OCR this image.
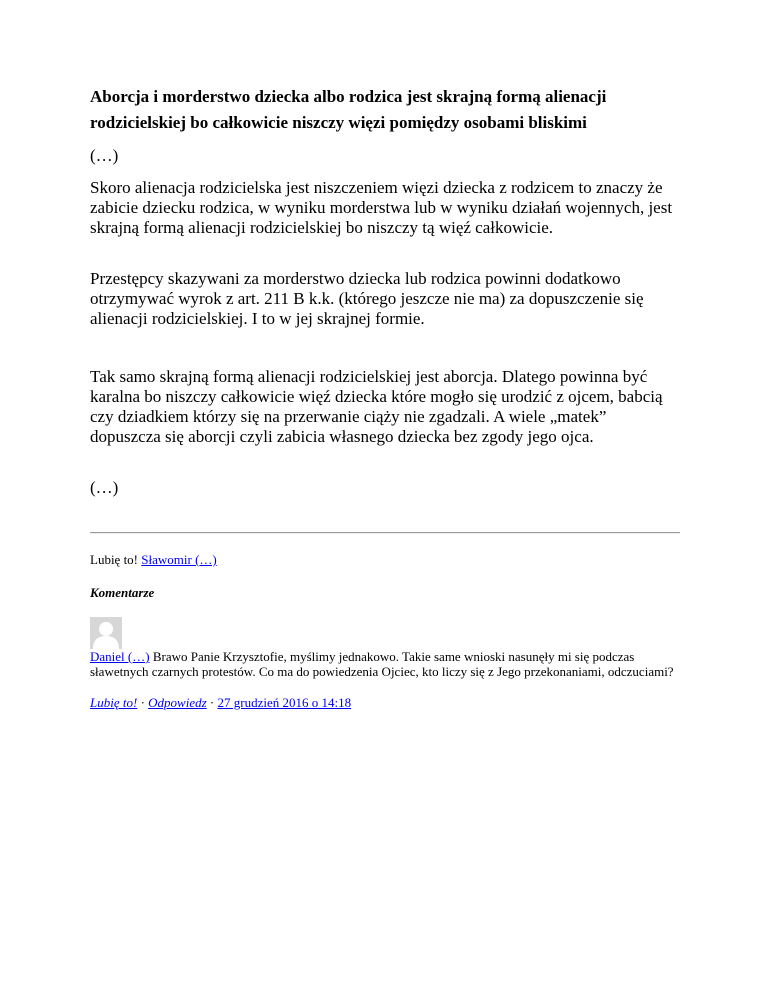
Aborcja i morderstwo dziecka albo rodzica jest skrajną formą alienacji rodzicielskiej bo całkowicie niszczy więzi pomiędzy osobami bliskimi

(…)

Skoro alienacja rodzicielska jest niszczeniem więzi dziecka z rodzicem to znaczy że zabicie dziecku rodzica, w wyniku morderstwa lub w wyniku działań wojennych, jest skrajną formą alienacji rodzicielskiej bo niszczy tą więź całkowicie.

Przestępcy skazywani za morderstwo dziecka lub rodzica powinni dodatkowo otrzymywać wyrok z art. 211 B k.k. (którego jeszcze nie ma) za dopuszczenie się alienacji rodzicielskiej. I to w jej skrajnej formie.

Tak samo skrajną formą alienacji rodzicielskiej jest aborcja. Dlatego powinna być karalna bo niszczy całkowicie więź dziecka które mogło się urodzić z ojcem, babcią czy dziadkiem którzy się na przerwanie ciąży nie zgadzali. A wiele „matek” dopuszcza się aborcji czyli zabicia własnego dziecka bez zgody jego ojca.

(…)

Lubię to! Sławomir (…)
Komentarze
Daniel (…) Brawo Panie Krzysztofie, myślimy jednakowo. Takie same wnioski nasunęły mi się podczas sławetnych czarnych protestów. Co ma do powiedzenia Ojciec, kto liczy się z Jego przekonaniami, odczuciami?
Lubię to! · Odpowiedz · 27 grudzień 2016 o 14:18
